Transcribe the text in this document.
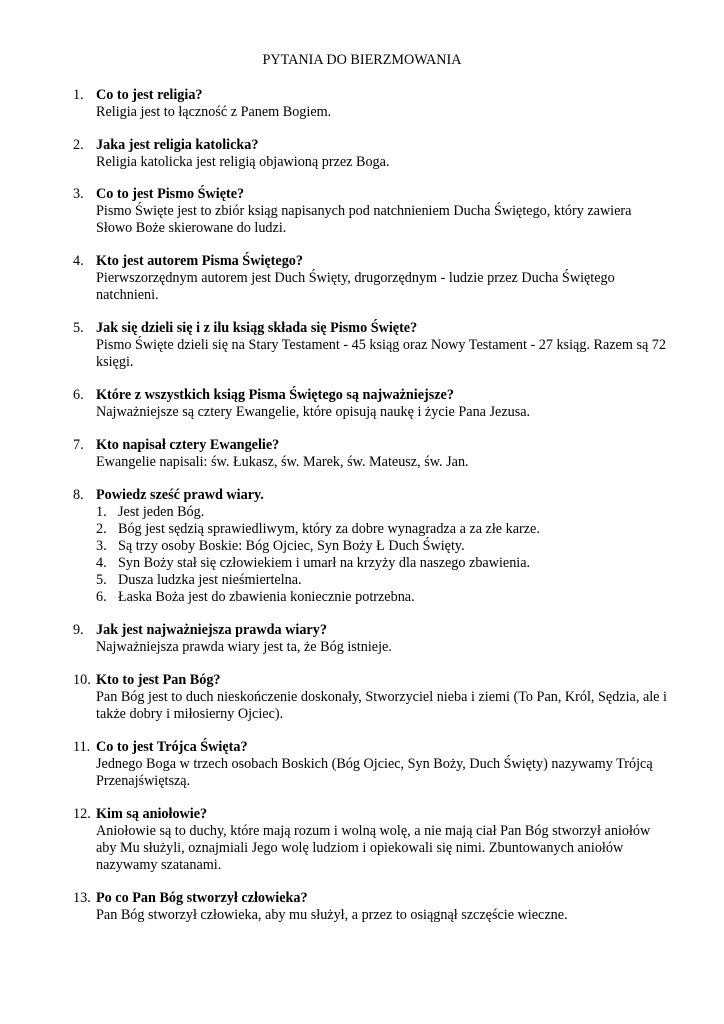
PYTANIA DO BIERZMOWANIA
1. Co to jest religia?
Religia jest to łączność z Panem Bogiem.
2. Jaka jest religia katolicka?
Religia katolicka jest religią objawioną przez Boga.
3. Co to jest Pismo Święte?
Pismo Święte jest to zbiór ksiąg napisanych pod natchnieniem Ducha Świętego, który zawiera Słowo Boże skierowane do ludzi.
4. Kto jest autorem Pisma Świętego?
Pierwszorzędnym autorem jest Duch Święty, drugorzędnym - ludzie przez Ducha Świętego natchnieni.
5. Jak się dzieli się i z ilu ksiąg składa się Pismo Święte?
Pismo Święte dzieli się na Stary Testament - 45 ksiąg oraz Nowy Testament - 27 ksiąg. Razem są 72 księgi.
6. Które z wszystkich ksiąg Pisma Świętego są najważniejsze?
Najważniejsze są cztery Ewangelie, które opisują naukę i życie Pana Jezusa.
7. Kto napisał cztery Ewangelie?
Ewangelie napisali: św. Łukasz, św. Marek, św. Mateusz, św. Jan.
8. Powiedz sześć prawd wiary.
1. Jest jeden Bóg.
2. Bóg jest sędzią sprawiedliwym, który za dobre wynagradza a za złe karze.
3. Są trzy osoby Boskie: Bóg Ojciec, Syn Boży Ł Duch Święty.
4. Syn Boży stał się człowiekiem i umarł na krzyży dla naszego zbawienia.
5. Dusza ludzka jest nieśmiertelna.
6. Łaska Boża jest do zbawienia koniecznie potrzebna.
9. Jak jest najważniejsza prawda wiary?
Najważniejsza prawda wiary jest ta, że Bóg istnieje.
10. Kto to jest Pan Bóg?
Pan Bóg jest to duch nieskończenie doskonały, Stworzyciel nieba i ziemi (To Pan, Król, Sędzia, ale i także dobry i miłosierny Ojciec).
11. Co to jest Trójca Święta?
Jednego Boga w trzech osobach Boskich (Bóg Ojciec, Syn Boży, Duch Święty) nazywamy Trójcą Przenajświętszą.
12. Kim są aniołowie?
Aniołowie są to duchy, które mają rozum i wolną wolę, a nie mają ciał Pan Bóg stworzył aniołów aby Mu służyli, oznajmiali Jego wolę ludziom i opiekowali się nimi. Zbuntowanych aniołów nazywamy szatanami.
13. Po co Pan Bóg stworzył człowieka?
Pan Bóg stworzył człowieka, aby mu służył, a przez to osiągnął szczęście wieczne.
